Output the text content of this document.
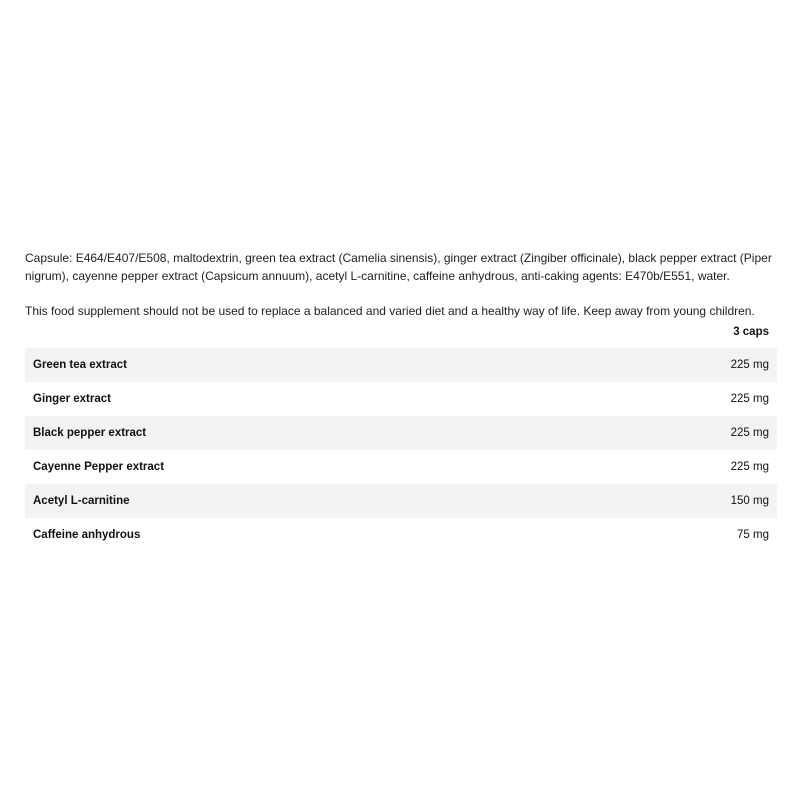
Capsule: E464/E407/E508, maltodextrin, green tea extract (Camelia sinensis), ginger extract (Zingiber officinale), black pepper extract (Piper nigrum), cayenne pepper extract (Capsicum annuum), acetyl L-carnitine, caffeine anhydrous, anti-caking agents: E470b/E551, water.

This food supplement should not be used to replace a balanced and varied diet and a healthy way of life. Keep away from young children.

	3 caps
Green tea extract	225 mg
Ginger extract	225 mg
Black pepper extract	225 mg
Cayenne Pepper extract	225 mg
Acetyl L-carnitine	150 mg
Caffeine anhydrous	75 mg
